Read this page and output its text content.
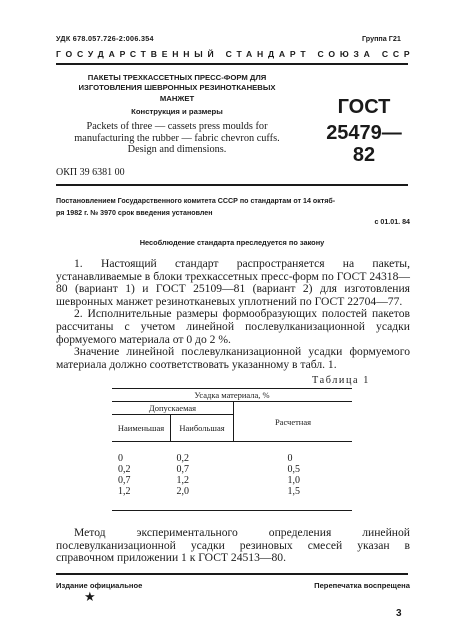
УДК 678.057.726-2:006.354	Группа Г21
ГОСУДАРСТВЕННЫЙ СТАНДАРТ СОЮЗА ССР
ПАКЕТЫ ТРЕХКАССЕТНЫХ ПРЕСС-ФОРМ ДЛЯ
ИЗГОТОВЛЕНИЯ ШЕВРОННЫХ РЕЗИНОТКАНЕВЫХ
МАНЖЕТ
Конструкция и размеры
Packets of three — cassets press moulds for
manufacturing the rubber — fabric chevron cuffs.
Design and dimensions.
ОКП 39 6381 00
ГОСТ
25479—82
Постановлением Государственного комитета СССР по стандартам от 14 октяб-
ря 1982 г. № 3970 срок введения установлен
с 01.01. 84
Несоблюдение стандарта преследуется по закону

1. Настоящий стандарт распространяется на пакеты, устанавливаемые в блоки трехкассетных пресс-форм по ГОСТ 24318—80 (вариант 1) и ГОСТ 25109—81 (вариант 2) для изготовления шевронных манжет резинотканевых уплотнений по ГОСТ 22704—77.

2. Исполнительные размеры формообразующих полостей пакетов рассчитаны с учетом линейной послевулканизационной усадки формуемого материала от 0 до 2 %.

Значение линейной послевулканизационной усадки формуемого материала должно соответствовать указанному в табл. 1.

Таблица 1
Усадка материала, %		
Допускаемая		Расчетная
Наименьшая	Наибольшая	

0	0,2	0
0,2	0,7	0,5
0,7	1,2	1,0
1,2	2,0	1,5

Метод экспериментального определения линейной послевулканизационной усадки резиновых смесей указан в справочном приложении 1 к ГОСТ 24513—80.

Издание официальное	Перепечатка воспрещена
★
3
